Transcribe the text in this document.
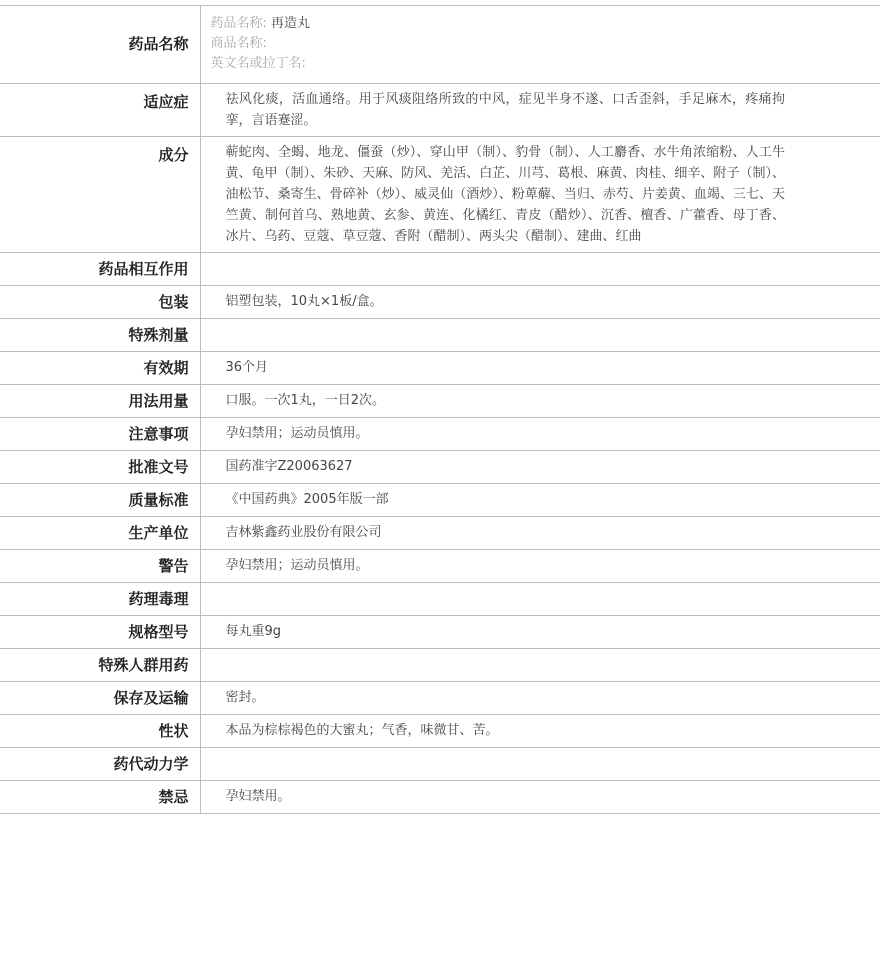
药品名称	药品名称: 再造丸
商品名称:
英文名或拉丁名:

适应症	祛风化痰，活血通络。用于风痰阻络所致的中风，症见半身不遂、口舌歪斜，手足麻木，疼痛拘挛，言语蹇涩。
成分	蕲蛇肉、全蝎、地龙、僵蚕（炒）、穿山甲（制）、豹骨（制）、人工麝香、水牛角浓缩粉、人工牛黄、龟甲（制）、朱砂、天麻、防风、羌活、白芷、川芎、葛根、麻黄、肉桂、细辛、附子（制）、油松节、桑寄生、骨碎补（炒）、威灵仙（酒炒）、粉萆薢、当归、赤芍、片姜黄、血竭、三七、天竺黄、制何首乌、熟地黄、玄参、黄连、化橘红、青皮（醋炒）、沉香、檀香、广藿香、母丁香、冰片、乌药、豆蔻、草豆蔻、香附（醋制）、两头尖（醋制）、建曲、红曲
药品相互作用	
包装	铝塑包装，10丸×1板/盒。
特殊剂量	
有效期	36个月
用法用量	口服。一次1丸，一日2次。
注意事项	孕妇禁用；运动员慎用。
批准文号	国药准字Z20063627
质量标准	《中国药典》2005年版一部
生产单位	吉林紫鑫药业股份有限公司
警告	孕妇禁用；运动员慎用。
药理毒理	
规格型号	每丸重9g
特殊人群用药	
保存及运输	密封。
性状	本品为棕棕褐色的大蜜丸；气香，味微甘、苦。
药代动力学	
禁忌	孕妇禁用。
